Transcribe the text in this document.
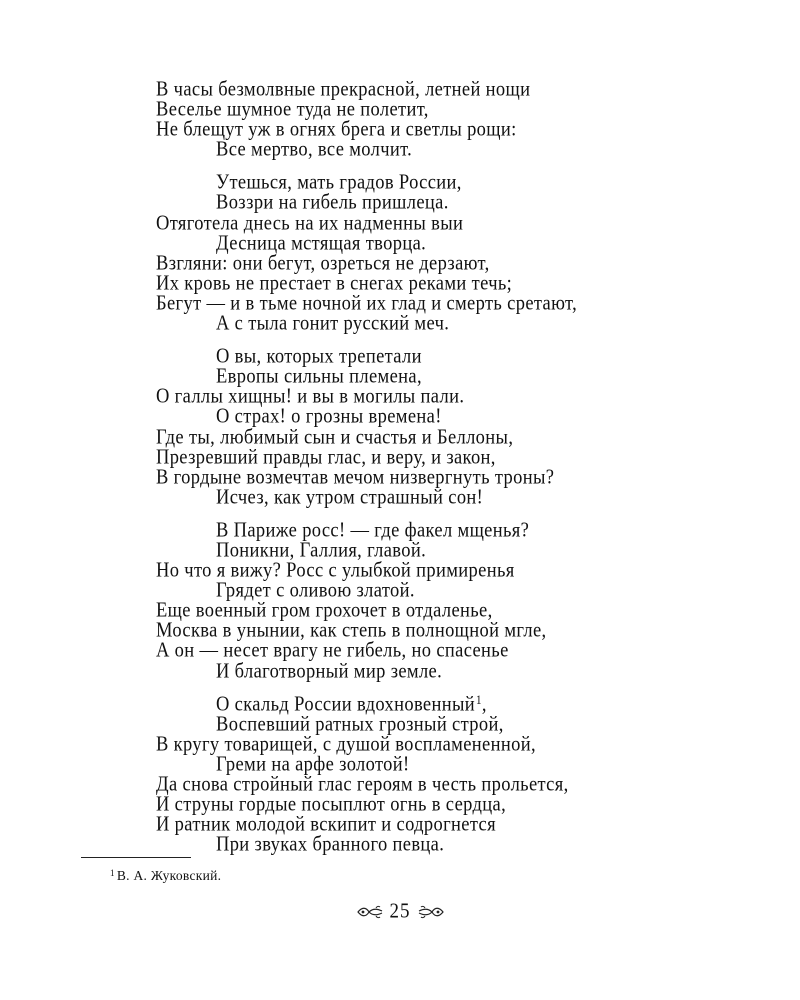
В часы безмолвные прекрасной, летней нощи
Веселье шумное туда не полетит,
Не блещут уж в огнях брега и светлы рощи:
Все мертво, все молчит.
Утешься, мать градов России,
Воззри на гибель пришлеца.
Отяготела днесь на их надменны выи
Десница мстящая творца.
Взгляни: они бегут, озреться не дерзают,
Их кровь не престает в снегах реками течь;
Бегут — и в тьме ночной их глад и смерть сретают,
А с тыла гонит русский меч.
О вы, которых трепетали
Европы сильны племена,
О галлы хищны! и вы в могилы пали.
О страх! о грозны времена!
Где ты, любимый сын и счастья и Беллоны,
Презревший правды глас, и веру, и закон,
В гордыне возмечтав мечом низвергнуть троны?
Исчез, как утром страшный сон!
В Париже росс! — где факел мщенья?
Поникни, Галлия, главой.
Но что я вижу? Росс с улыбкой примиренья
Грядет с оливою златой.
Еще военный гром грохочет в отдаленье,
Москва в унынии, как степь в полнощной мгле,
А он — несет врагу не гибель, но спасенье
И благотворный мир земле.
О скальд России вдохновенный$^1$,
Воспевший ратных грозный строй,
В кругу товарищей, с душой воспламененной,
Греми на арфе золотой!
Да снова стройный глас героям в честь прольется,
И струны гордые посыплют огнь в сердца,
И ратник молодой вскипит и содрогнется
При звуках бранного певца.
$^1$ В. А. Жуковский.
25
